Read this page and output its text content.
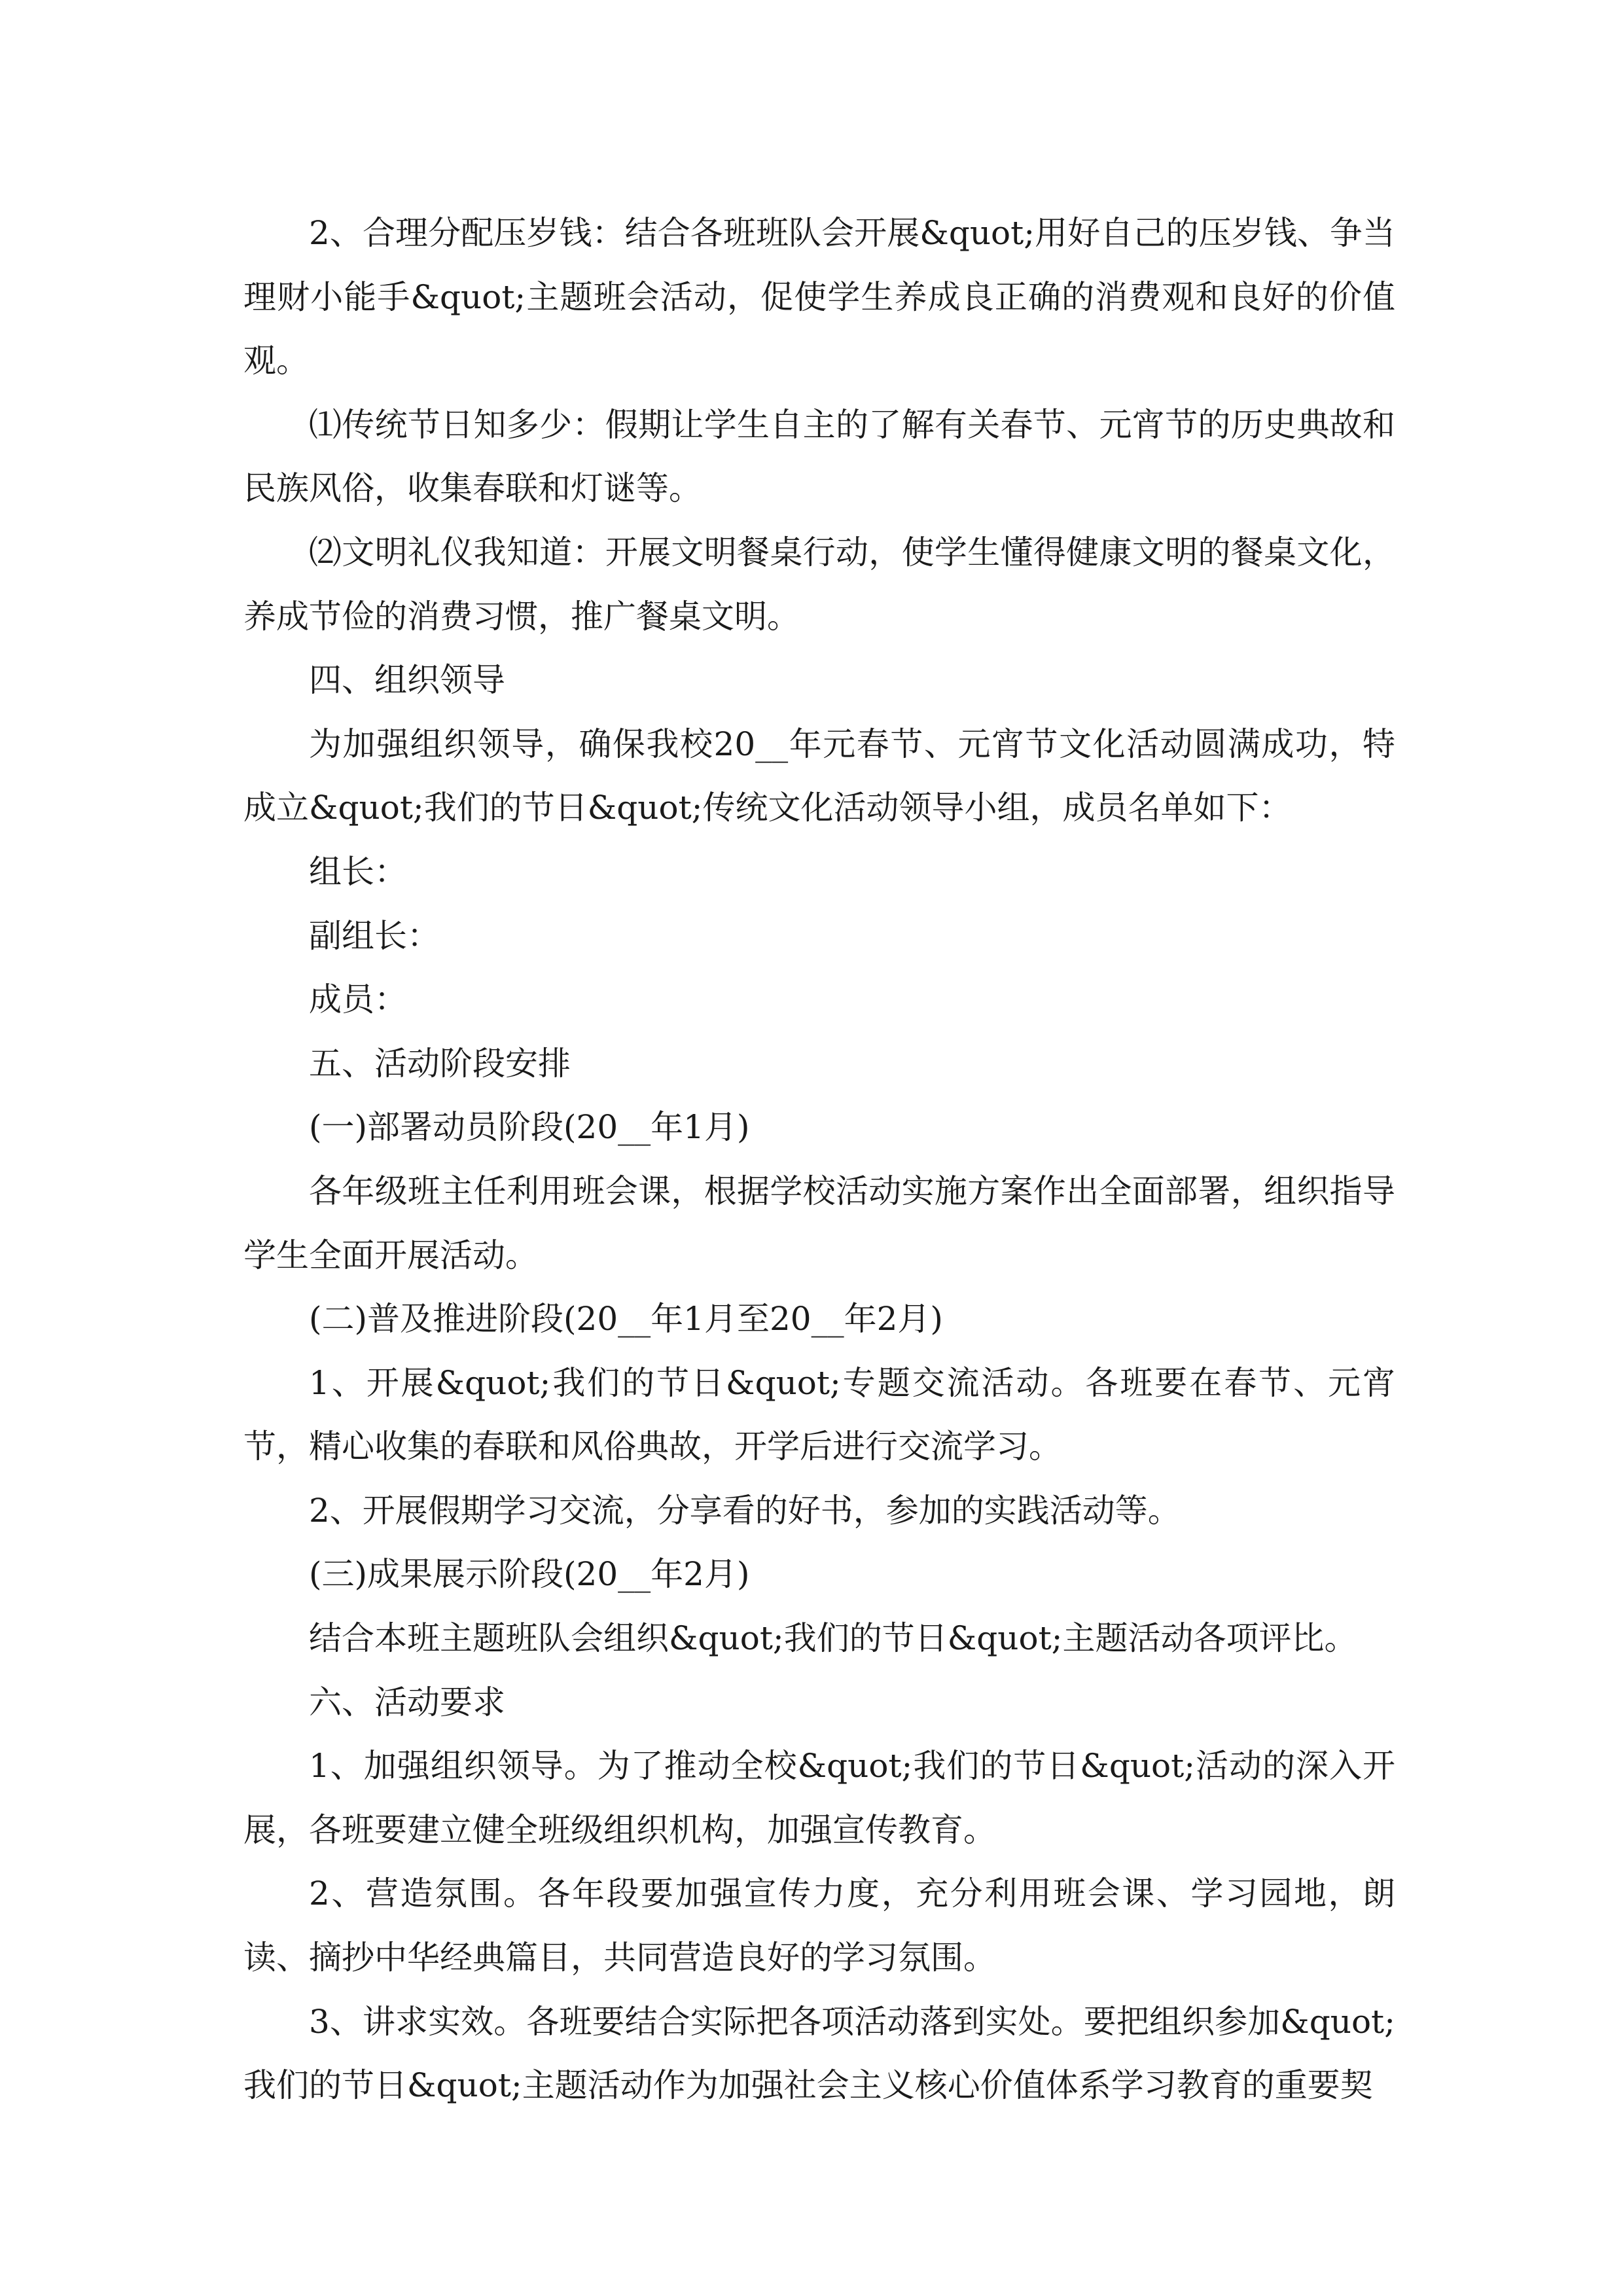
2、合理分配压岁钱：结合各班班队会开展&quot;用好自己的压岁钱、争当理财小能手&quot;主题班会活动，促使学生养成良正确的消费观和良好的价值观。

⑴传统节日知多少：假期让学生自主的了解有关春节、元宵节的历史典故和民族风俗，收集春联和灯谜等。

⑵文明礼仪我知道：开展文明餐桌行动，使学生懂得健康文明的餐桌文化，养成节俭的消费习惯，推广餐桌文明。

四、组织领导

为加强组织领导，确保我校20__年元春节、元宵节文化活动圆满成功，特成立&quot;我们的节日&quot;传统文化活动领导小组，成员名单如下：

组长：

副组长：

成员：

五、活动阶段安排

(一)部署动员阶段(20__年1月)

各年级班主任利用班会课，根据学校活动实施方案作出全面部署，组织指导学生全面开展活动。

(二)普及推进阶段(20__年1月至20__年2月)

1、开展&quot;我们的节日&quot;专题交流活动。各班要在春节、元宵节，精心收集的春联和风俗典故，开学后进行交流学习。

2、开展假期学习交流，分享看的好书，参加的实践活动等。

(三)成果展示阶段(20__年2月)

结合本班主题班队会组织&quot;我们的节日&quot;主题活动各项评比。

六、活动要求

1、加强组织领导。为了推动全校&quot;我们的节日&quot;活动的深入开展，各班要建立健全班级组织机构，加强宣传教育。

2、营造氛围。各年段要加强宣传力度，充分利用班会课、学习园地，朗读、摘抄中华经典篇目，共同营造良好的学习氛围。

3、讲求实效。各班要结合实际把各项活动落到实处。要把组织参加&quot;我们的节日&quot;主题活动作为加强社会主义核心价值体系学习教育的重要契
